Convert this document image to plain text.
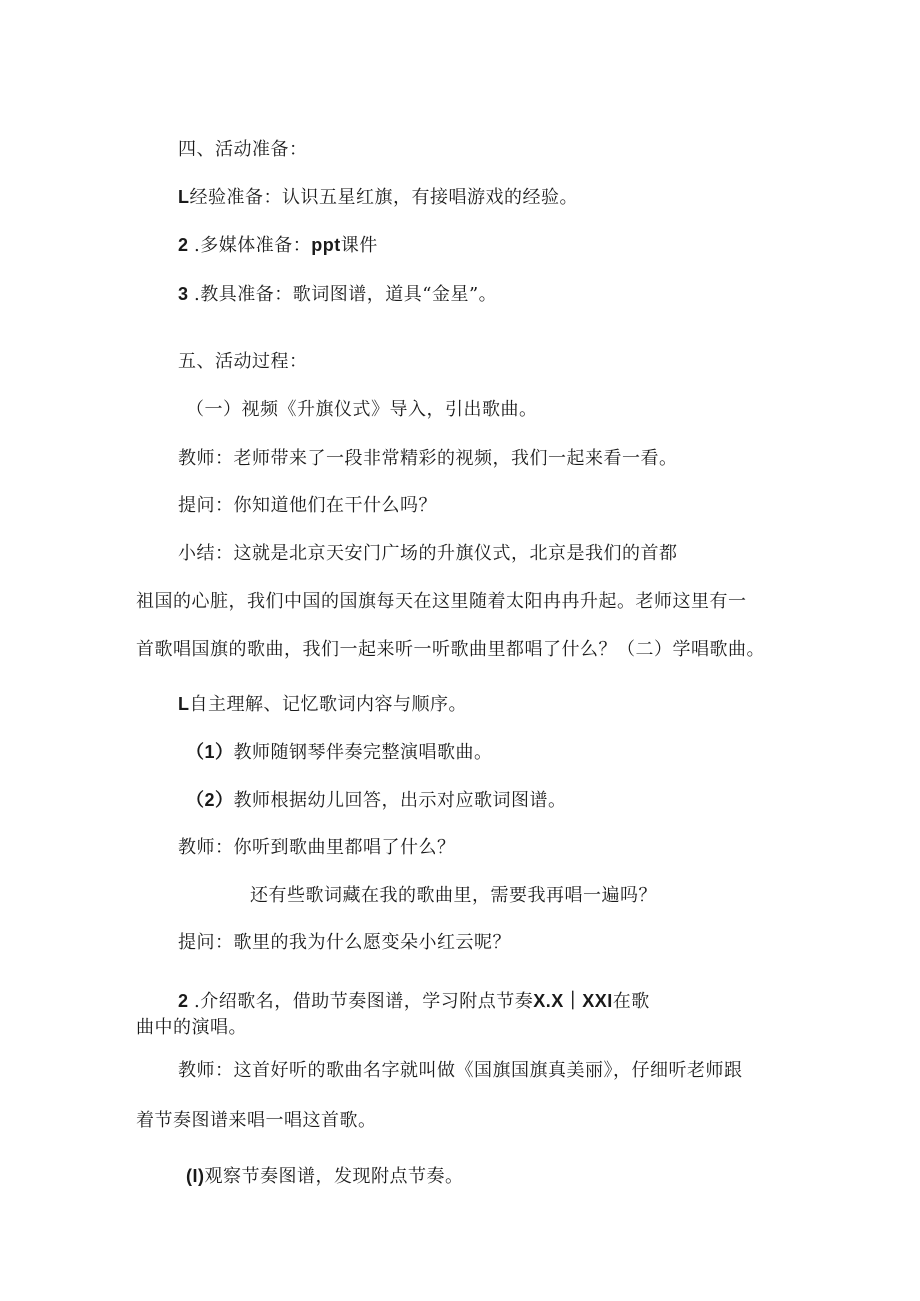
四、活动准备：
L经验准备：认识五星红旗，有接唱游戏的经验。
2 .多媒体准备：ppt课件
3 .教具准备：歌词图谱，道具“金星”。
五、活动过程：
（一）视频《升旗仪式》导入，引出歌曲。
教师：老师带来了一段非常精彩的视频，我们一起来看一看。
提问：你知道他们在干什么吗？
小结：这就是北京天安门广场的升旗仪式，北京是我们的首都
祖国的心脏，我们中国的国旗每天在这里随着太阳冉冉升起。老师这里有一
首歌唱国旗的歌曲，我们一起来听一听歌曲里都唱了什么？（二）学唱歌曲。
L自主理解、记忆歌词内容与顺序。
（1）教师随钢琴伴奏完整演唱歌曲。
（2）教师根据幼儿回答，出示对应歌词图谱。
教师：你听到歌曲里都唱了什么？
还有些歌词藏在我的歌曲里，需要我再唱一遍吗？
提问：歌里的我为什么愿变朵小红云呢？
2 .介绍歌名，借助节奏图谱，学习附点节奏X.X｜XXI在歌
曲中的演唱。
教师：这首好听的歌曲名字就叫做《国旗国旗真美丽》，仔细听老师跟
着节奏图谱来唱一唱这首歌。
(I)观察节奏图谱，发现附点节奏。
